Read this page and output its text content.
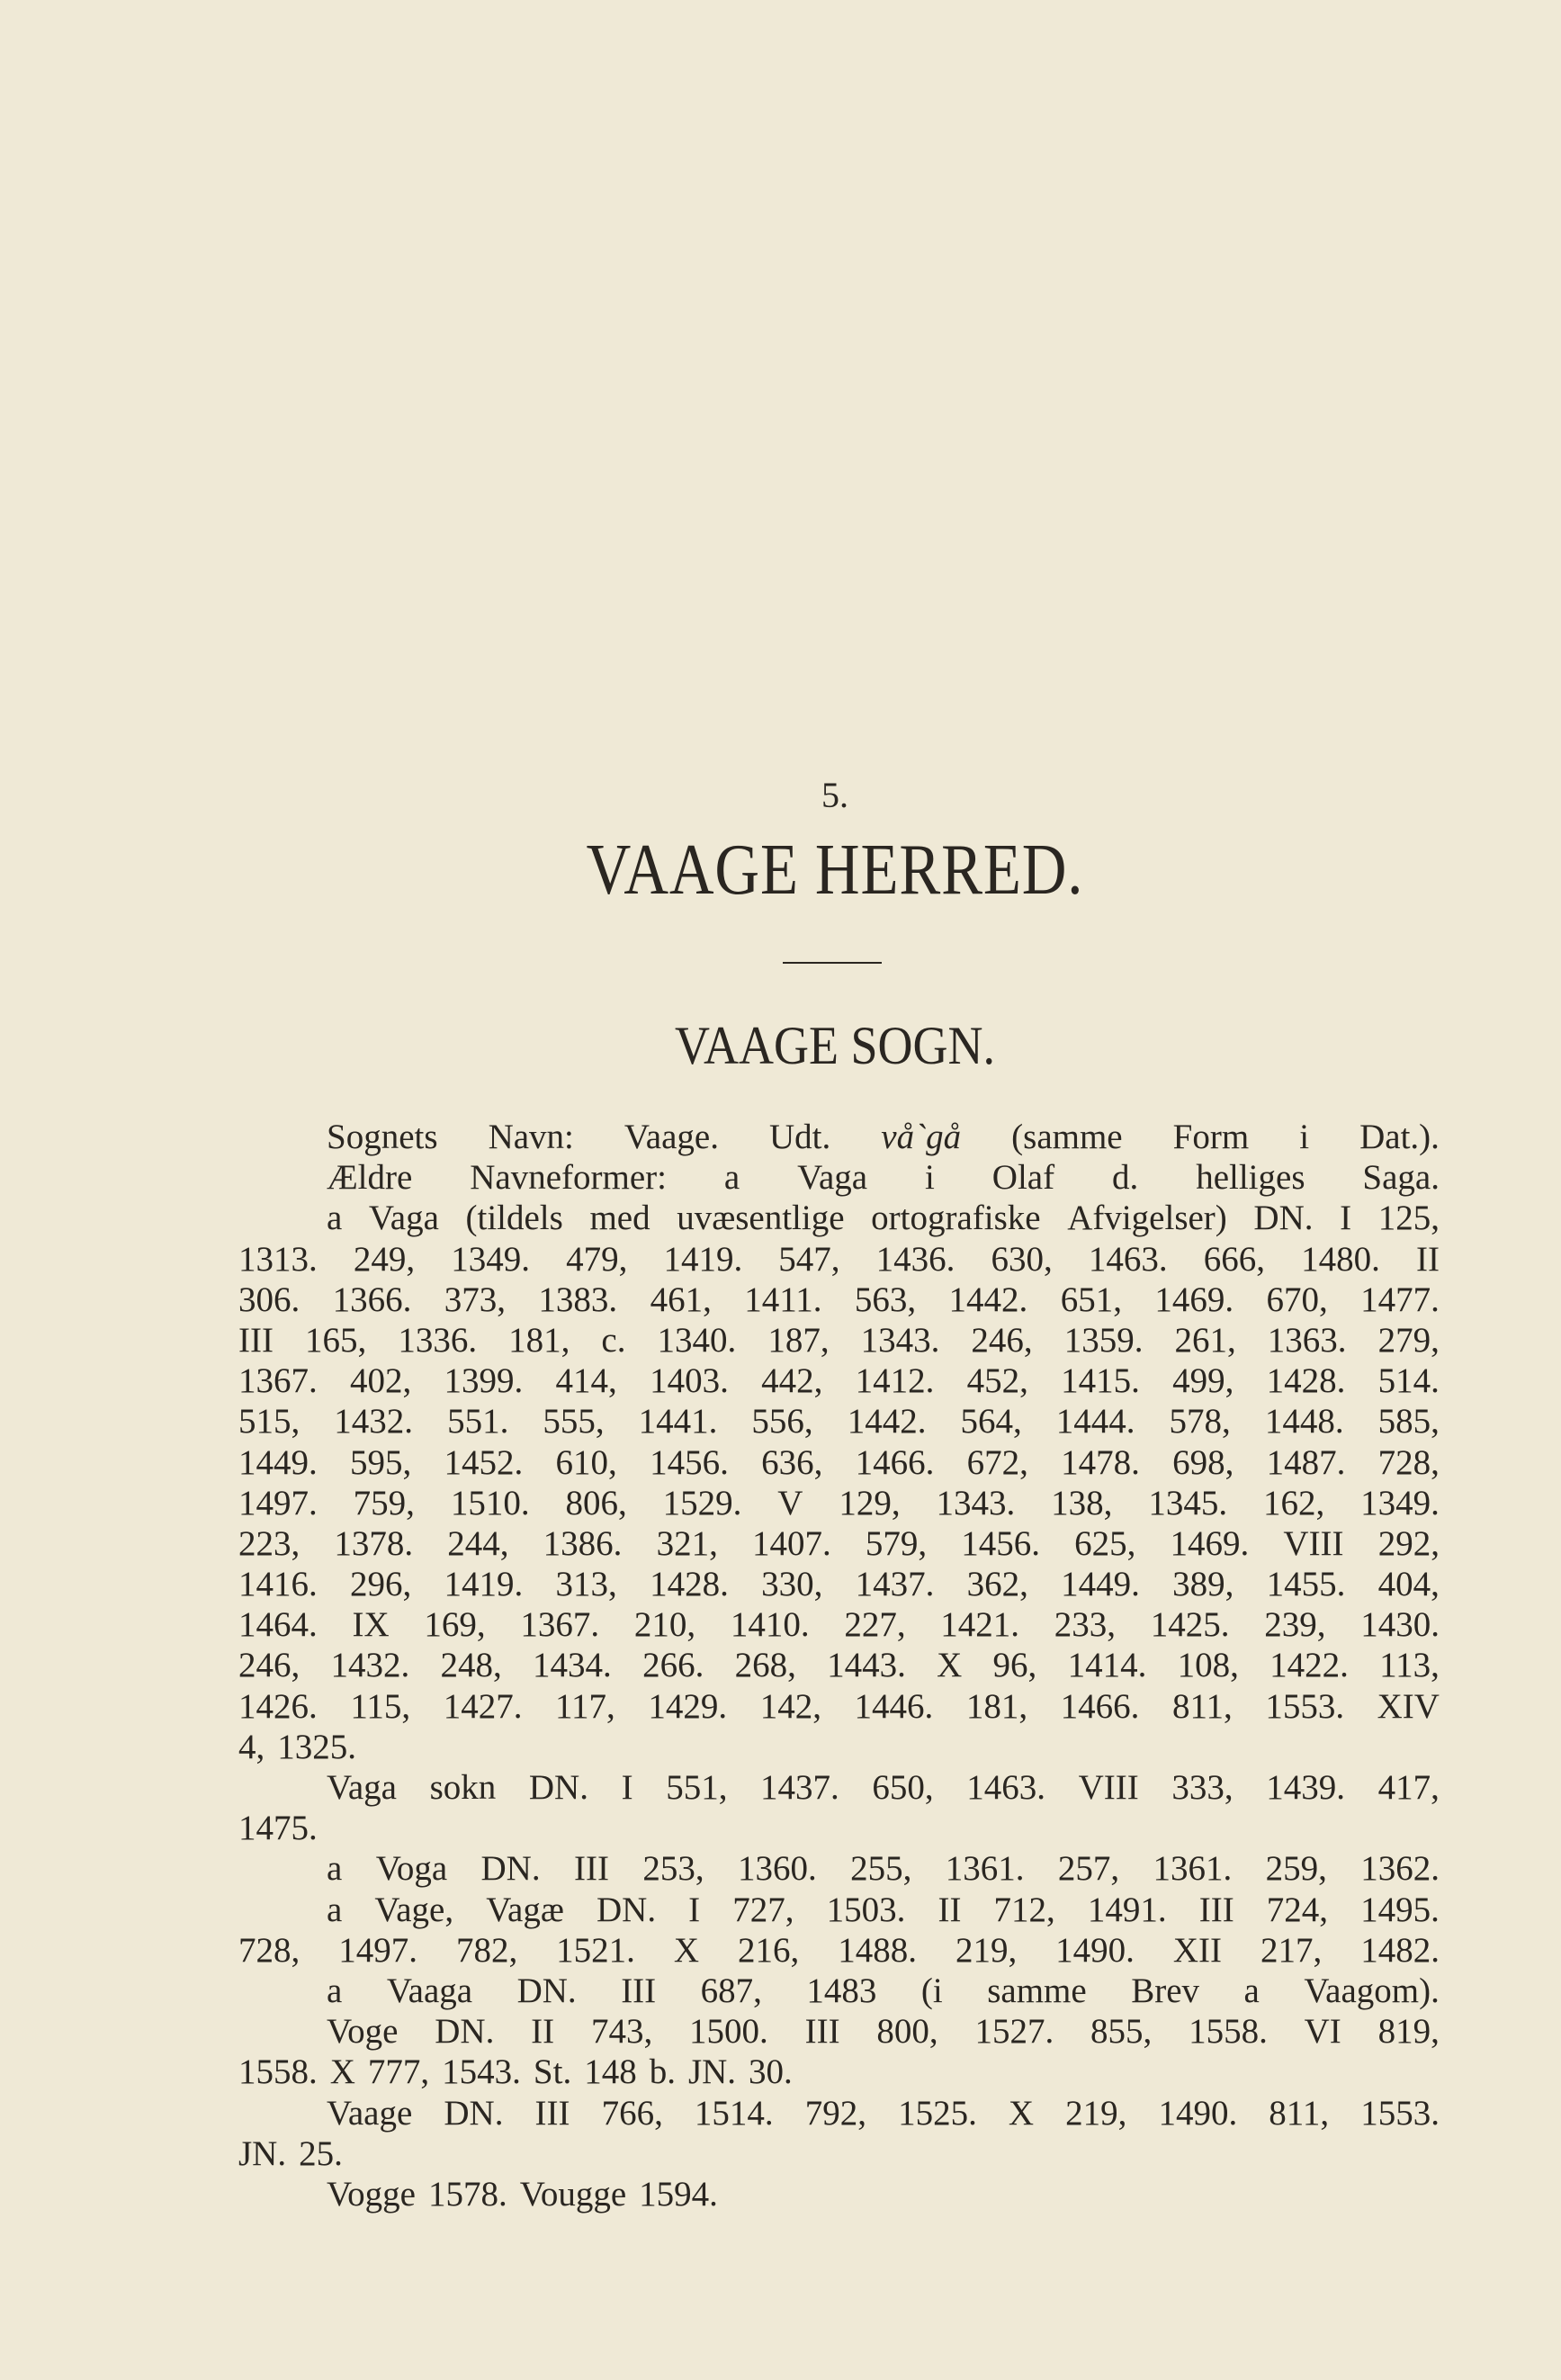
5.
VAAGE HERRED.
VAAGE SOGN.
Sognets Navn: Vaage. Udt. vå`gå (samme Form i Dat.).
Ældre Navneformer: a Vaga i Olaf d. helliges Saga.
a Vaga (tildels med uvæsentlige ortografiske Afvigelser) DN. I 125,
1313. 249, 1349. 479, 1419. 547, 1436. 630, 1463. 666, 1480. II
306. 1366. 373, 1383. 461, 1411. 563, 1442. 651, 1469. 670, 1477.
III 165, 1336. 181, c. 1340. 187, 1343. 246, 1359. 261, 1363. 279,
1367. 402, 1399. 414, 1403. 442, 1412. 452, 1415. 499, 1428. 514.
515, 1432. 551. 555, 1441. 556, 1442. 564, 1444. 578, 1448. 585,
1449. 595, 1452. 610, 1456. 636, 1466. 672, 1478. 698, 1487. 728,
1497. 759, 1510. 806, 1529. V 129, 1343. 138, 1345. 162, 1349.
223, 1378. 244, 1386. 321, 1407. 579, 1456. 625, 1469. VIII 292,
1416. 296, 1419. 313, 1428. 330, 1437. 362, 1449. 389, 1455. 404,
1464. IX 169, 1367. 210, 1410. 227, 1421. 233, 1425. 239, 1430.
246, 1432. 248, 1434. 266. 268, 1443. X 96, 1414. 108, 1422. 113,
1426. 115, 1427. 117, 1429. 142, 1446. 181, 1466. 811, 1553. XIV
4, 1325.
Vaga sokn DN. I 551, 1437. 650, 1463. VIII 333, 1439. 417,
1475.
a Voga DN. III 253, 1360. 255, 1361. 257, 1361. 259, 1362.
a Vage, Vagæ DN. I 727, 1503. II 712, 1491. III 724, 1495.
728, 1497. 782, 1521. X 216, 1488. 219, 1490. XII 217, 1482.
a Vaaga DN. III 687, 1483 (i samme Brev a Vaagom).
Voge DN. II 743, 1500. III 800, 1527. 855, 1558. VI 819,
1558. X 777, 1543. St. 148 b. JN. 30.
Vaage DN. III 766, 1514. 792, 1525. X 219, 1490. 811, 1553.
JN. 25.
Vogge 1578. Vougge 1594.
